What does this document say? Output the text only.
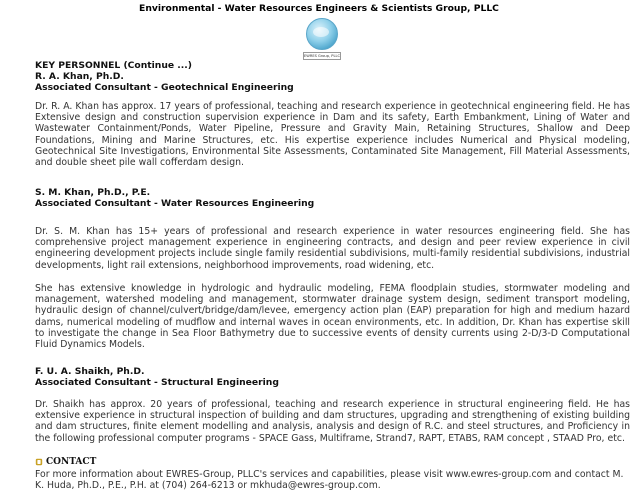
Environmental - Water Resources Engineers & Scientists Group, PLLC
EWRES Group, PLLC
KEY PERSONNEL (Continue ...)
R. A. Khan, Ph.D.
Associated Consultant - Geotechnical Engineering
Dr. R. A. Khan has approx. 17 years of professional, teaching and research experience in geotechnical engineering field. He has Extensive design and construction supervision experience in Dam and its safety, Earth Embankment, Lining of Water and Wastewater Containment/Ponds, Water Pipeline, Pressure and Gravity Main, Retaining Structures, Shallow and Deep Foundations, Mining and Marine Structures, etc. His expertise experience includes Numerical and Physical modeling, Geotechnical Site Investigations, Environmental Site Assessments, Contaminated Site Management, Fill Material Assessments, and double sheet pile wall cofferdam design.
S. M. Khan, Ph.D., P.E.
Associated Consultant - Water Resources Engineering
Dr. S. M. Khan has 15+ years of professional and research experience in water resources engineering field. She has comprehensive project management experience in engineering contracts, and design and peer review experience in civil engineering development projects include single family residential subdivisions, multi-family residential subdivisions, industrial developments, light rail extensions, neighborhood improvements, road widening, etc.
She has extensive knowledge in hydrologic and hydraulic modeling, FEMA floodplain studies, stormwater modeling and management, watershed modeling and management, stormwater drainage system design, sediment transport modeling, hydraulic design of channel/culvert/bridge/dam/levee, emergency action plan (EAP) preparation for high and medium hazard dams, numerical modeling of mudflow and internal waves in ocean environments, etc. In addition, Dr. Khan has expertise skill to investigate the change in Sea Floor Bathymetry due to successive events of density currents using 2-D/3-D Computational Fluid Dynamics Models.
F. U. A. Shaikh, Ph.D.
Associated Consultant - Structural Engineering
Dr. Shaikh has approx. 20 years of professional, teaching and research experience in structural engineering field. He has extensive experience in structural inspection of building and dam structures, upgrading and strengthening of existing building and dam structures, finite element modelling and analysis, analysis and design of R.C. and steel structures, and Proficiency in the following professional computer programs - SPACE Gass, Multiframe, Strand7, RAPT, ETABS, RAM concept , STAAD Pro, etc.
CONTACT
For more information about EWRES-Group, PLLC's services and capabilities, please visit www.ewres-group.com and contact M. K. Huda, Ph.D., P.E., P.H. at (704) 264-6213 or mkhuda@ewres-group.com.
